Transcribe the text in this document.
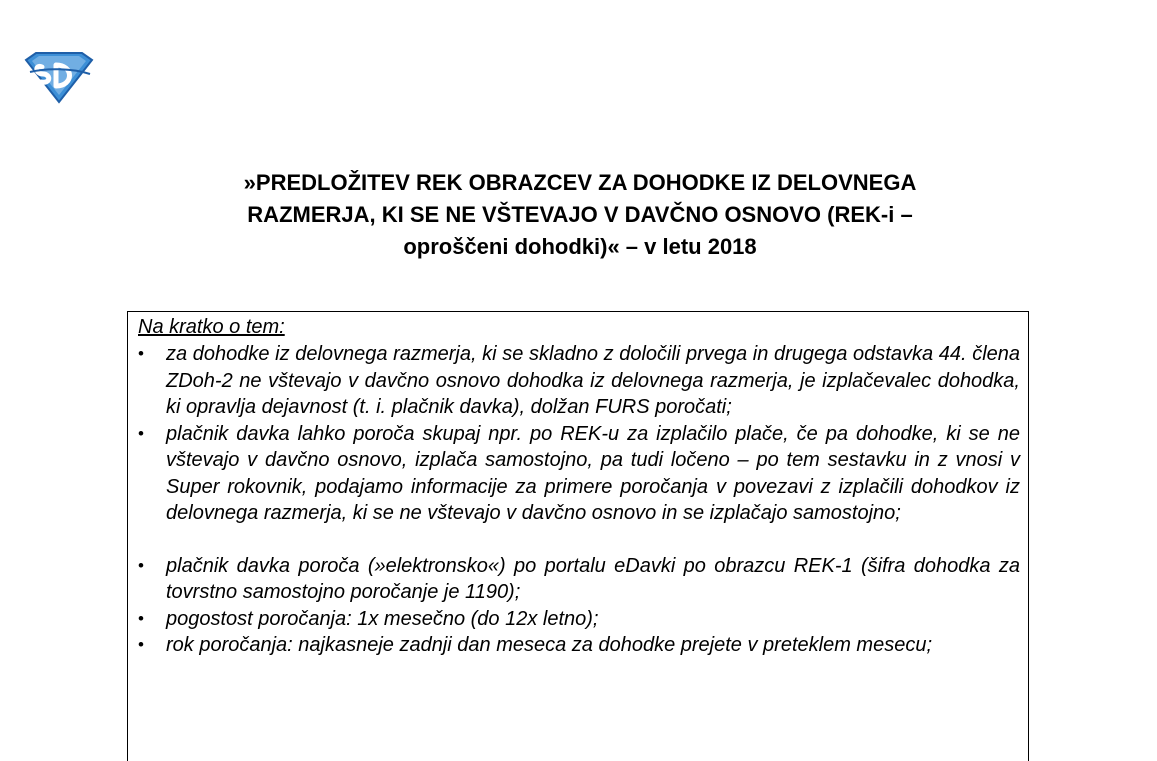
»PREDLOŽITEV REK OBRAZCEV ZA DOHODKE IZ DELOVNEGA
RAZMERJA, KI SE NE VŠTEVAJO V DAVČNO OSNOVO (REK-i –
oproščeni dohodki)« – v letu 2018
Na kratko o tem:
• za dohodke iz delovnega razmerja, ki se skladno z določili prvega in drugega odstavka 44. člena ZDoh-2 ne vštevajo v davčno osnovo dohodka iz delovnega razmerja, je izplačevalec dohodka, ki opravlja dejavnost (t. i. plačnik davka), dolžan FURS poročati;
• plačnik davka lahko poroča skupaj npr. po REK-u za izplačilo plače, če pa dohodke, ki se ne vštevajo v davčno osnovo, izplača samostojno, pa tudi ločeno – po tem sestavku in z vnosi v Super rokovnik, podajamo informacije za primere poročanja v povezavi z izplačili dohodkov iz delovnega razmerja, ki se ne vštevajo v davčno osnovo in se izplačajo samostojno;
• plačnik davka poroča (»elektronsko«) po portalu eDavki po obrazcu REK-1 (šifra dohodka za tovrstno samostojno poročanje je 1190);
• pogostost poročanja: 1x mesečno (do 12x letno);
• rok poročanja: najkasneje zadnji dan meseca za dohodke prejete v preteklem mesecu;
